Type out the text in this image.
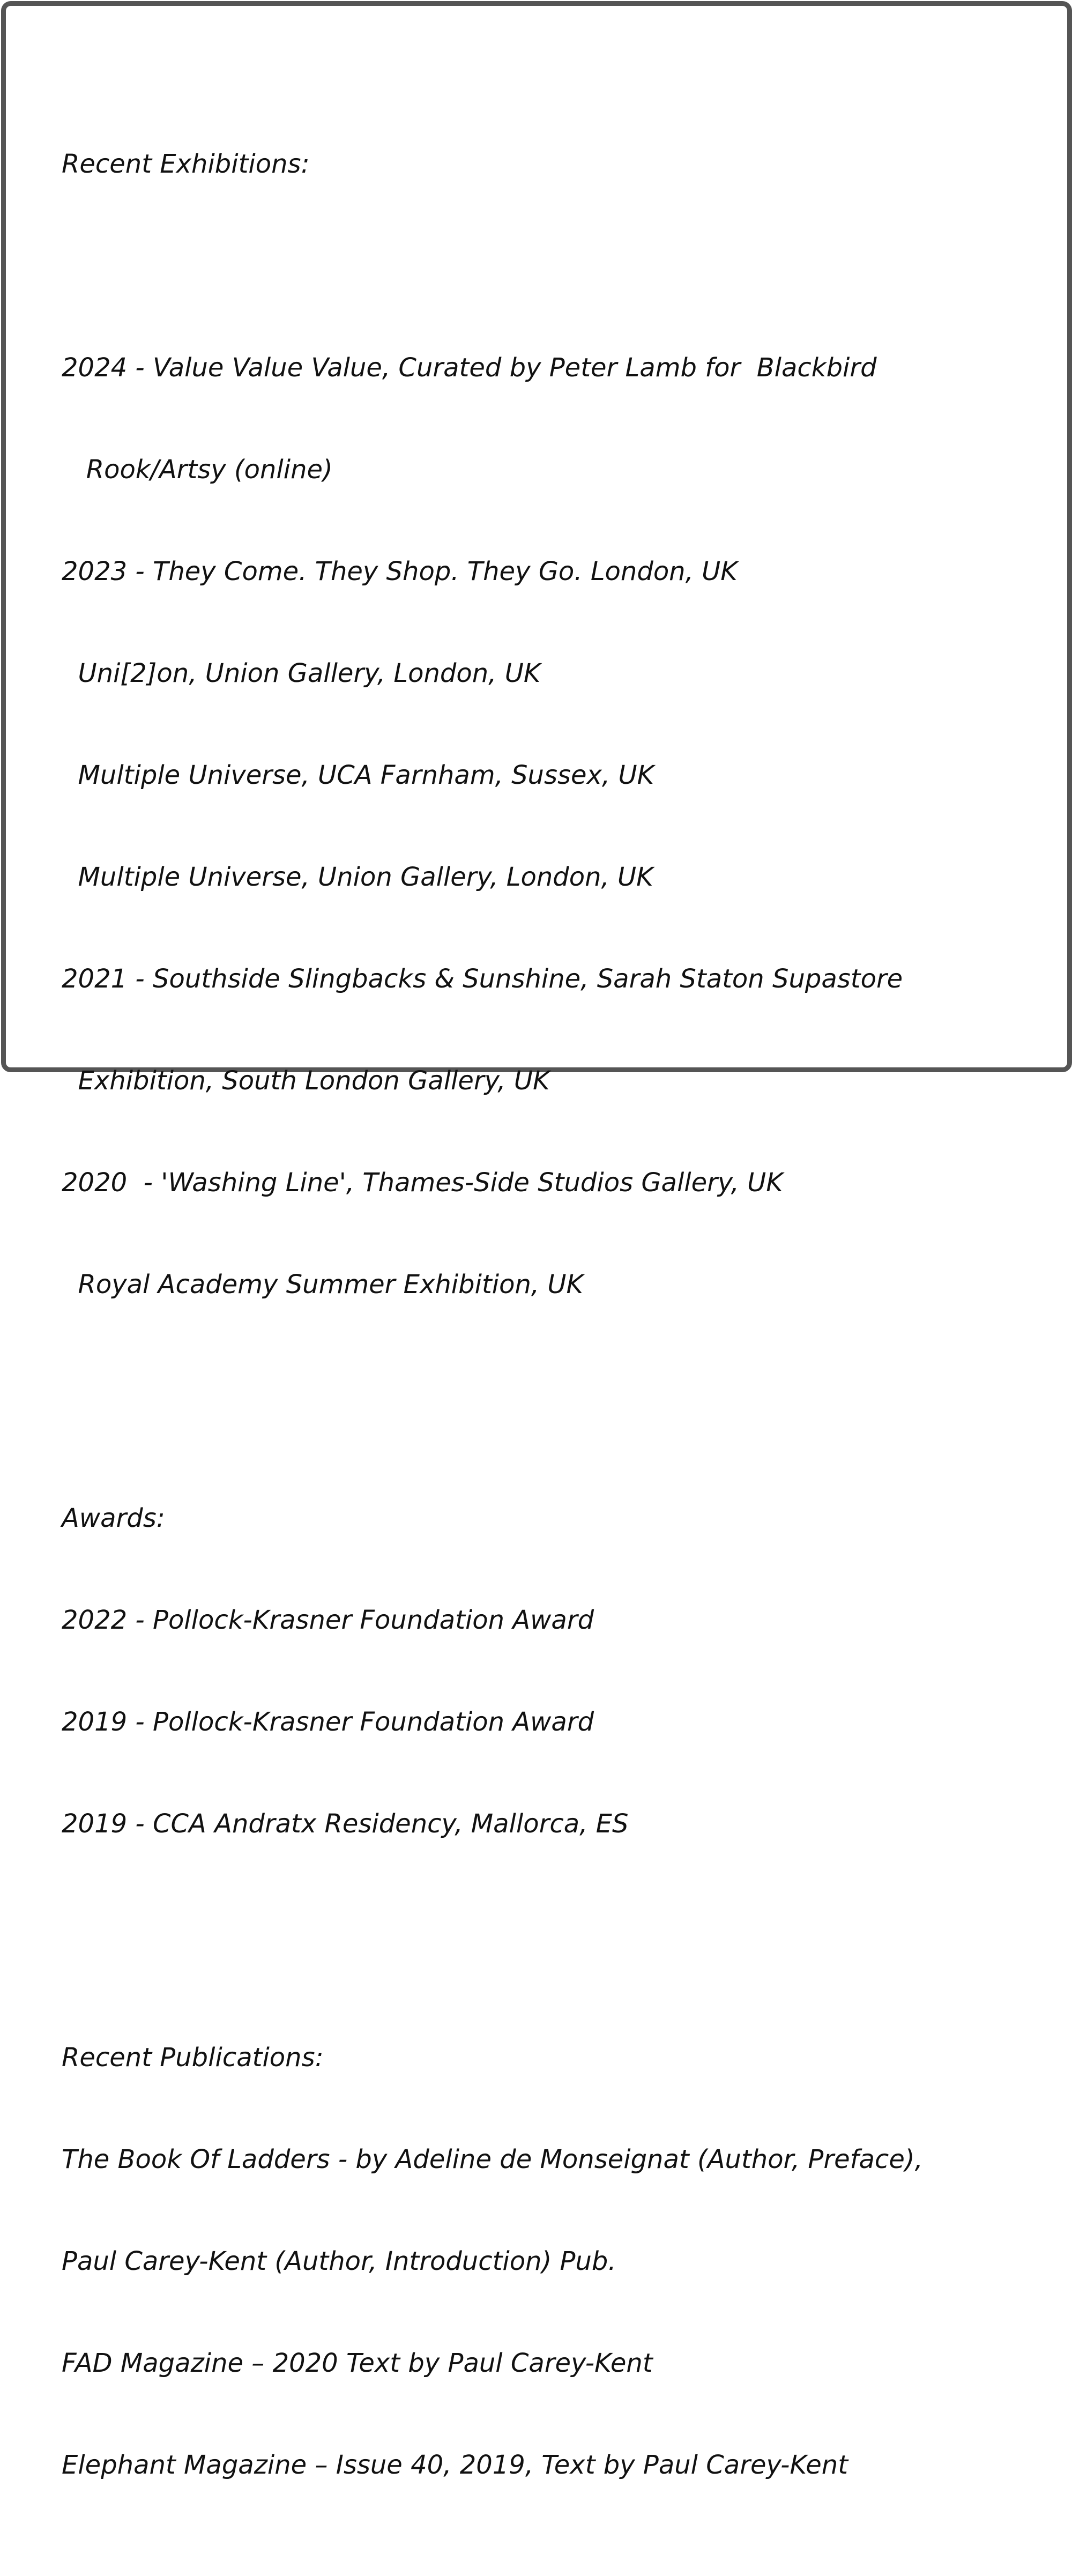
Recent Exhibitions:

2024 - Value Value Value, Curated by Peter Lamb for  Blackbird

Rook/Artsy (online)

2023 - They Come. They Shop. They Go. London, UK

Uni[2]on, Union Gallery, London, UK

Multiple Universe, UCA Farnham, Sussex, UK

Multiple Universe, Union Gallery, London, UK

2021 - Southside Slingbacks & Sunshine, Sarah Staton Supastore

Exhibition, South London Gallery, UK

2020  - 'Washing Line', Thames-Side Studios Gallery, UK

Royal Academy Summer Exhibition, UK

Awards:

2022 - Pollock-Krasner Foundation Award

2019 - Pollock-Krasner Foundation Award

2019 - CCA Andratx Residency, Mallorca, ES

Recent Publications:

The Book Of Ladders - by Adeline de Monseignat (Author, Preface),

Paul Carey-Kent (Author, Introduction) Pub.

FAD Magazine – 2020 Text by Paul Carey-Kent

Elephant Magazine – Issue 40, 2019, Text by Paul Carey-Kent
